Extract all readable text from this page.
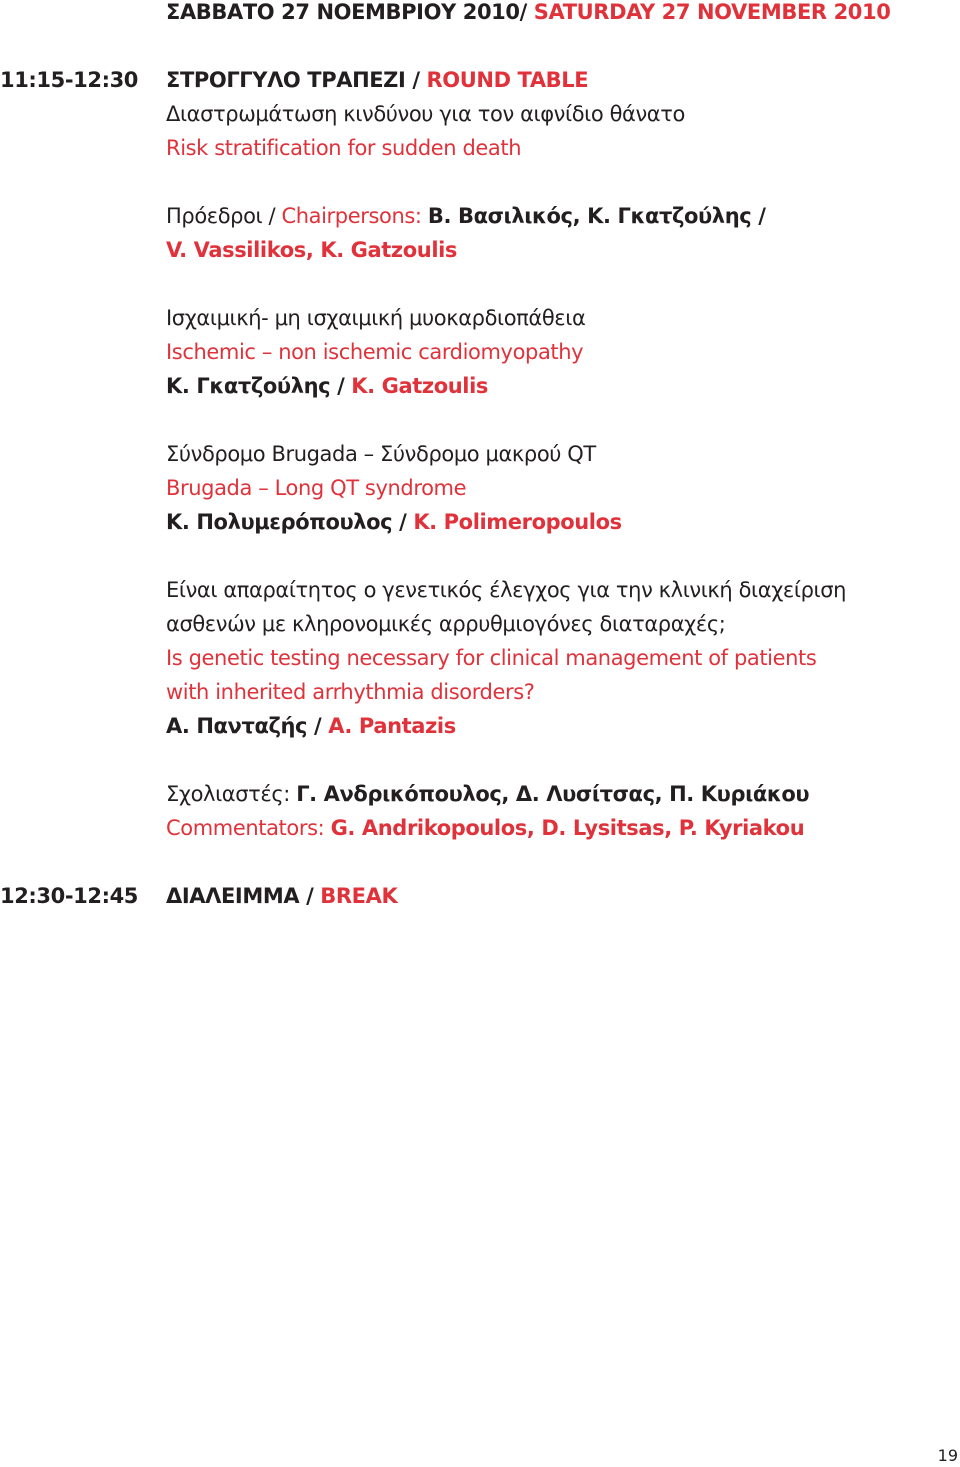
ΣΑΒΒΑΤΟ 27 ΝΟΕΜΒΡΙΟΥ 2010/ SATURDAY 27 NOVEMBER 2010
11:15-12:30 ΣΤΡΟΓΓΥΛΟ ΤΡΑΠΕΖΙ / ROUND TABLE
Διαστρωμάτωση κινδύνου για τον αιφνίδιο θάνατο
Risk stratification for sudden death
Πρόεδροι / Chairpersons: Β. Βασιλικός, Κ. Γκατζούλης /
V. Vassilikos, K. Gatzoulis
Ισχαιμική- μη ισχαιμική μυοκαρδιοπάθεια
Ischemic – non ischemic cardiomyopathy
Κ. Γκατζούλης / K. Gatzoulis
Σύνδρομο Brugada – Σύνδρομο μακρού QT
Brugada – Long QT syndrome
Κ. Πολυμερόπουλος / K. Polimeropoulos
Είναι απαραίτητος ο γενετικός έλεγχος για την κλινική διαχείριση
ασθενών με κληρονομικές αρρυθμιογόνες διαταραχές;
Is genetic testing necessary for clinical management of patients
with inherited arrhythmia disorders?
Α. Πανταζής / A. Pantazis
Σχολιαστές: Γ. Ανδρικόπουλος, Δ. Λυσίτσας, Π. Κυριάκου
Commentators: G. Andrikopoulos, D. Lysitsas, P. Kyriakou
12:30-12:45 ΔΙΑΛΕΙΜΜΑ / BREAK
19
